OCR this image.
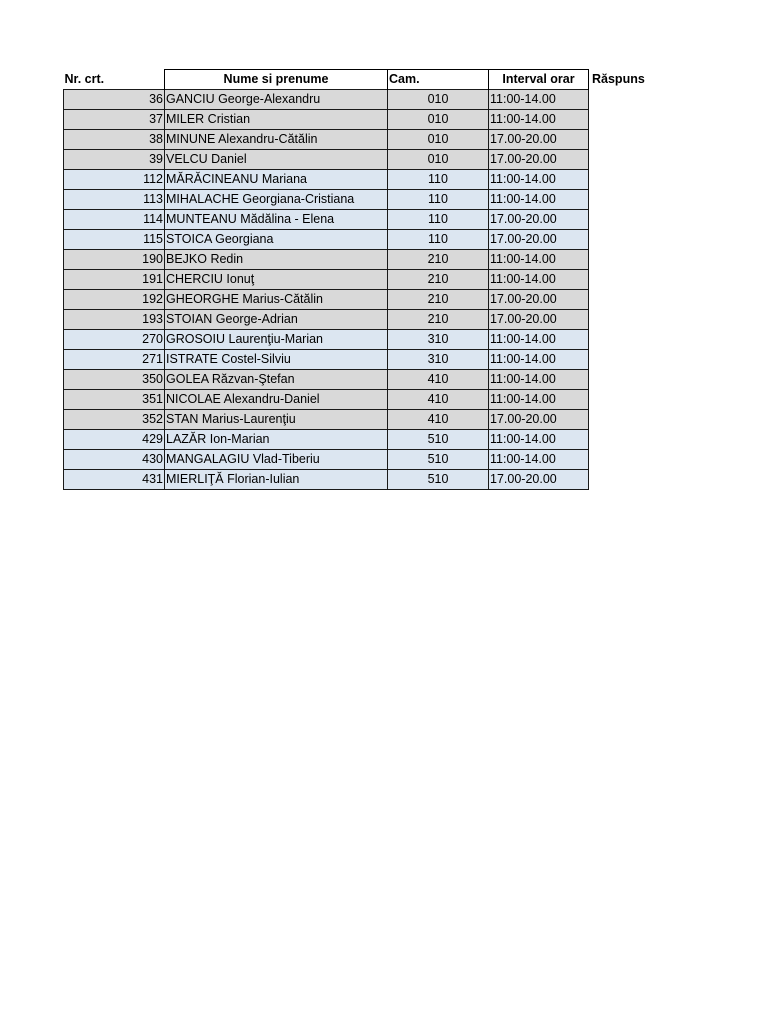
Nr. crt.	Nume si prenume	Cam.	Interval orar	Răspuns
36	GANCIU George-Alexandru	010	11:00-14.00	
37	MILER Cristian	010	11:00-14.00	
38	MINUNE Alexandru-Cătălin	010	17.00-20.00	
39	VELCU Daniel	010	17.00-20.00	
112	MĂRĂCINEANU Mariana	110	11:00-14.00	
113	MIHALACHE Georgiana-Cristiana	110	11:00-14.00	
114	MUNTEANU Mădălina - Elena	110	17.00-20.00	
115	STOICA Georgiana	110	17.00-20.00	
190	BEJKO Redin	210	11:00-14.00	
191	CHERCIU Ionuţ	210	11:00-14.00	
192	GHEORGHE Marius-Cătălin	210	17.00-20.00	
193	STOIAN George-Adrian	210	17.00-20.00	
270	GROSOIU Laurenţiu-Marian	310	11:00-14.00	
271	ISTRATE Costel-Silviu	310	11:00-14.00	
350	GOLEA Răzvan-Ştefan	410	11:00-14.00	
351	NICOLAE Alexandru-Daniel	410	11:00-14.00	
352	STAN Marius-Laurenţiu	410	17.00-20.00	
429	LAZĂR Ion-Marian	510	11:00-14.00	
430	MANGALAGIU Vlad-Tiberiu	510	11:00-14.00	
431	MIERLIŢĂ Florian-Iulian	510	17.00-20.00	
